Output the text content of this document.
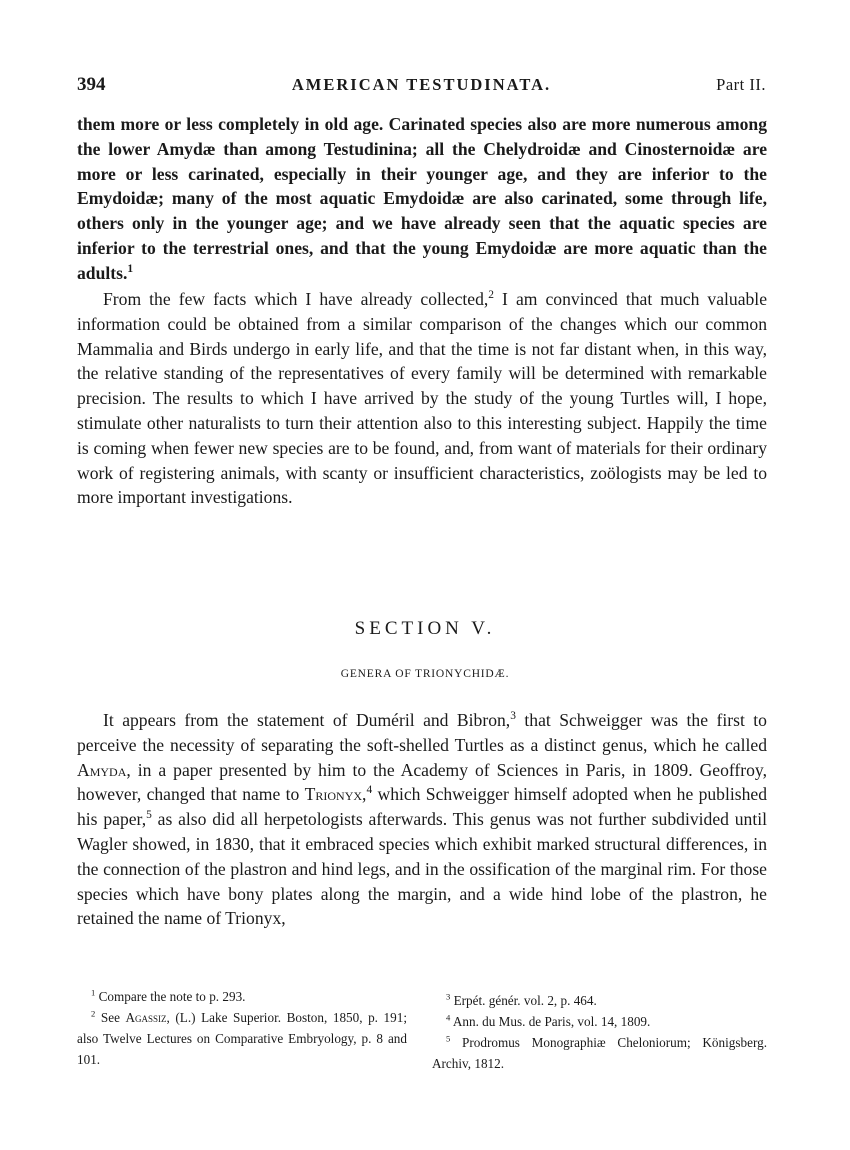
394	AMERICAN TESTUDINATA.	Part II.

them more or less completely in old age. Carinated species also are more numerous among the lower Amydæ than among Testudinina; all the Chelydroidæ and Cinosternoidæ are more or less carinated, especially in their younger age, and they are inferior to the Emydoidæ; many of the most aquatic Emydoidæ are also carinated, some through life, others only in the younger age; and we have already seen that the aquatic species are inferior to the terrestrial ones, and that the young Emydoidæ are more aquatic than the adults.$^1$

From the few facts which I have already collected,$^2$ I am convinced that much valuable information could be obtained from a similar comparison of the changes which our common Mammalia and Birds undergo in early life, and that the time is not far distant when, in this way, the relative standing of the representatives of every family will be determined with remarkable precision. The results to which I have arrived by the study of the young Turtles will, I hope, stimulate other naturalists to turn their attention also to this interesting subject. Happily the time is coming when fewer new species are to be found, and, from want of materials for their ordinary work of registering animals, with scanty or insufficient characteristics, zoölogists may be led to more important investigations.

SECTION V.
GENERA OF TRIONYCHIDÆ.

It appears from the statement of Duméril and Bibron,$^3$ that Schweigger was the first to perceive the necessity of separating the soft-shelled Turtles as a distinct genus, which he called Amyda, in a paper presented by him to the Academy of Sciences in Paris, in 1809. Geoffroy, however, changed that name to Trionyx,$^4$ which Schweigger himself adopted when he published his paper,$^5$ as also did all herpetologists afterwards. This genus was not further subdivided until Wagler showed, in 1830, that it embraced species which exhibit marked structural differences, in the connection of the plastron and hind legs, and in the ossification of the marginal rim. For those species which have bony plates along the margin, and a wide hind lobe of the plastron, he retained the name of Trionyx,

$^1$ Compare the note to p. 293.

$^2$ See Agassiz, (L.) Lake Superior. Boston, 1850, p. 191; also Twelve Lectures on Comparative Embryology, p. 8 and 101.

$^3$ Erpét. génér. vol. 2, p. 464.

$^4$ Ann. du Mus. de Paris, vol. 14, 1809.

$^5$ Prodromus Monographiæ Cheloniorum; Königsberg. Archiv, 1812.
